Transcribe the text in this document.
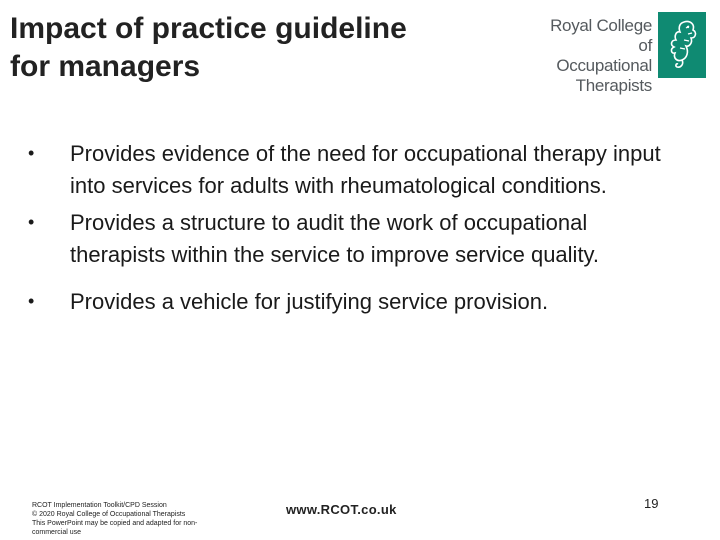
Impact of practice guideline
for managers
Royal College of
Occupational
Therapists
•	Provides evidence of the need for occupational therapy input into services for adults with rheumatological conditions.
•	Provides a structure to audit the work of occupational therapists within the service to improve service quality.
•	Provides a vehicle for justifying service provision.
RCOT Implementation Toolkit/CPD Session
© 2020 Royal College of Occupational Therapists
This PowerPoint may be copied and adapted for non-
commercial use
www.RCOT.co.uk	19
